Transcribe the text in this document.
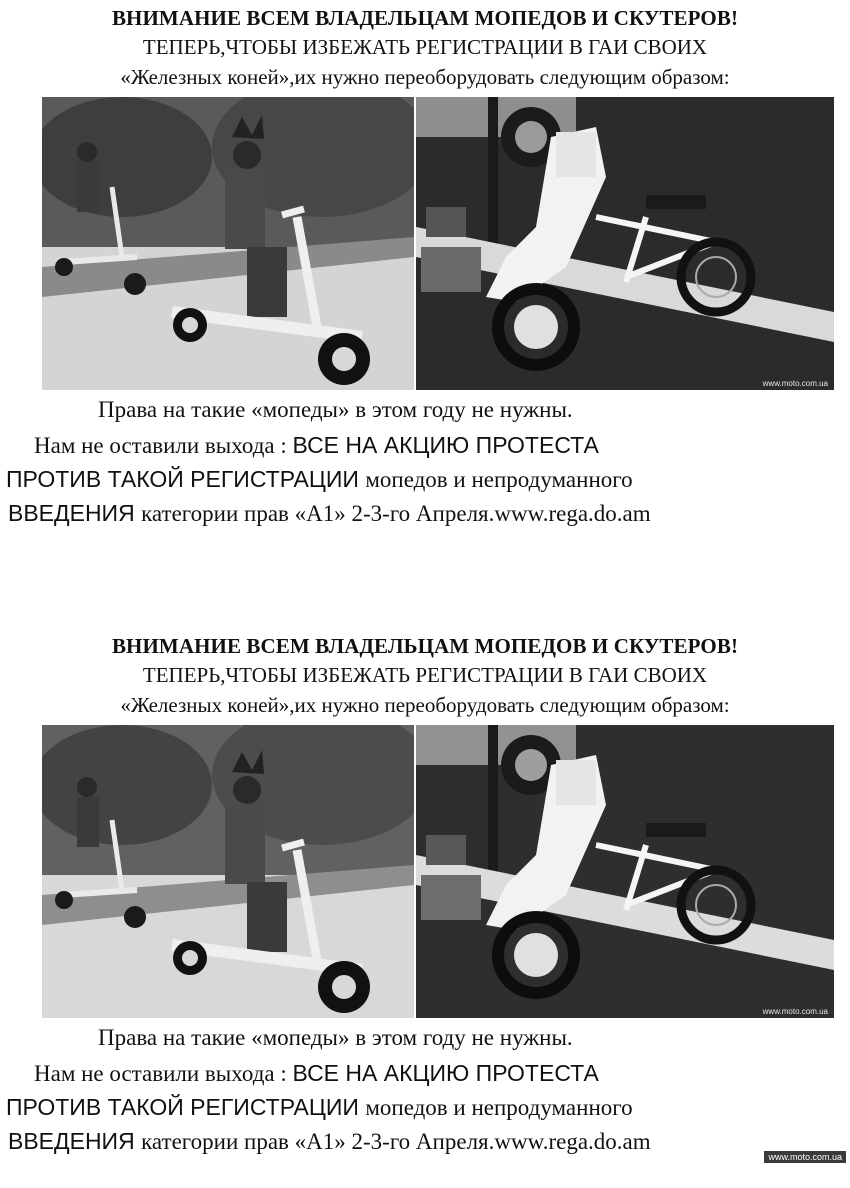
ВНИМАНИЕ ВСЕМ ВЛАДЕЛЬЦАМ МОПЕДОВ И СКУТЕРОВ!
ТЕПЕРЬ,ЧТОБЫ ИЗБЕЖАТЬ РЕГИСТРАЦИИ В ГАИ СВОИХ
«Железных коней»,их нужно переоборудовать следующим образом:
www.moto.com.ua
Права на такие «мопеды» в этом году не нужны.
Нам не оставили выхода : ВСЕ НА АКЦИЮ ПРОТЕСТА
ПРОТИВ ТАКОЙ РЕГИСТРАЦИИ мопедов и непродуманного
ВВЕДЕНИЯ категории прав «А1» 2-3-го Апреля.www.rega.do.am
ВНИМАНИЕ ВСЕМ ВЛАДЕЛЬЦАМ МОПЕДОВ И СКУТЕРОВ!
ТЕПЕРЬ,ЧТОБЫ ИЗБЕЖАТЬ РЕГИСТРАЦИИ В ГАИ СВОИХ
«Железных коней»,их нужно переоборудовать следующим образом:
www.moto.com.ua
Права на такие «мопеды» в этом году не нужны.
Нам не оставили выхода : ВСЕ НА АКЦИЮ ПРОТЕСТА
ПРОТИВ ТАКОЙ РЕГИСТРАЦИИ мопедов и непродуманного
ВВЕДЕНИЯ категории прав «А1» 2-3-го Апреля.www.rega.do.am
www.moto.com.ua
